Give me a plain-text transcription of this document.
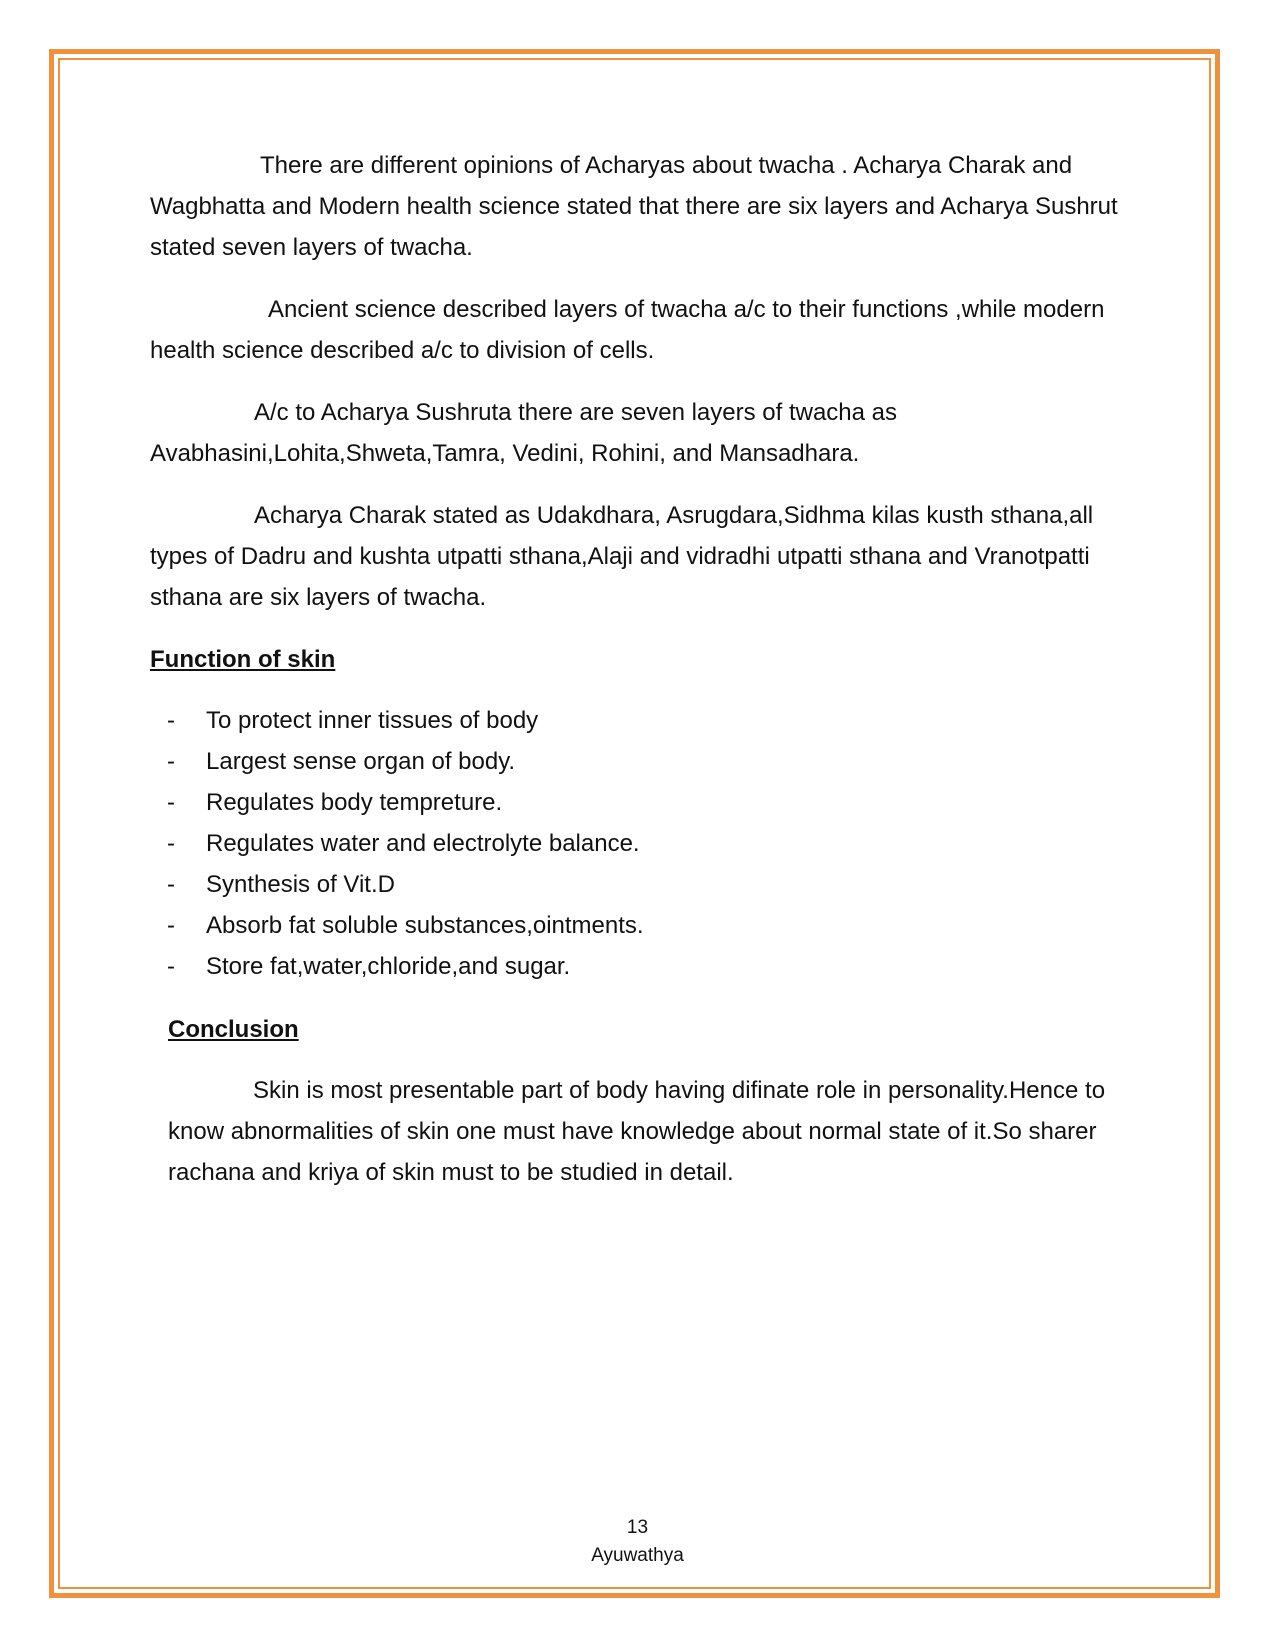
There are different opinions of Acharyas about twacha . Acharya Charak and Wagbhatta and Modern health science stated that there are six layers and Acharya Sushrut stated seven layers of twacha.

Ancient science described layers of twacha a/c to their functions ,while modern health science described a/c to division of cells.

A/c to Acharya Sushruta there are seven layers of twacha as Avabhasini,Lohita,Shweta,Tamra, Vedini, Rohini, and Mansadhara.

Acharya Charak stated as Udakdhara, Asrugdara,Sidhma kilas kusth sthana,all types of Dadru and kushta utpatti sthana,Alaji and vidradhi utpatti sthana and Vranotpatti sthana are six layers of twacha.

Function of skin
- To protect inner tissues of body
- Largest sense organ of body.
- Regulates body tempreture.
- Regulates water and electrolyte balance.
- Synthesis of Vit.D
- Absorb fat soluble substances,ointments.
- Store fat,water,chloride,and sugar.
Conclusion

Skin is most presentable part of body having difinate role in personality.Hence to know abnormalities of skin one must have knowledge about normal state of it.So sharer rachana and kriya of skin must to be studied in detail.

13
Ayuwathya
